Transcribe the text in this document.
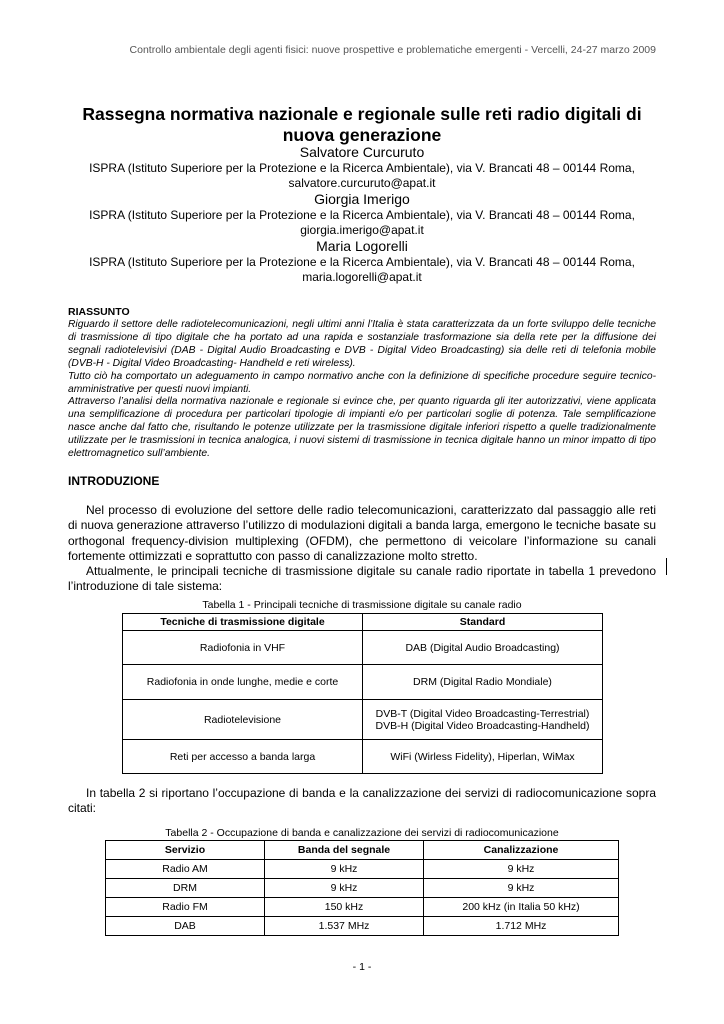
Controllo ambientale degli agenti fisici: nuove prospettive e problematiche emergenti - Vercelli, 24-27 marzo 2009
Rassegna normativa nazionale e regionale sulle reti radio digitali di
nuova generazione
Salvatore Curcuruto
ISPRA (Istituto Superiore per la Protezione e la Ricerca Ambientale), via V. Brancati 48 – 00144 Roma,
salvatore.curcuruto@apat.it
Giorgia Imerigo
ISPRA (Istituto Superiore per la Protezione e la Ricerca Ambientale), via V. Brancati 48 – 00144 Roma,
giorgia.imerigo@apat.it
Maria Logorelli
ISPRA (Istituto Superiore per la Protezione e la Ricerca Ambientale), via V. Brancati 48 – 00144 Roma,
maria.logorelli@apat.it
RIASSUNTO

Riguardo il settore delle radiotelecomunicazioni, negli ultimi anni l’Italia è stata caratterizzata da un forte sviluppo delle tecniche di trasmissione di tipo digitale che ha portato ad una rapida e sostanziale trasformazione sia della rete per la diffusione dei segnali radiotelevisivi (DAB - Digital Audio Broadcasting e DVB - Digital Video Broadcasting) sia delle reti di telefonia mobile (DVB-H - Digital Video Broadcasting- Handheld e reti wireless).

Tutto ciò ha comportato un adeguamento in campo normativo anche con la definizione di specifiche procedure seguire tecnico-amministrative per questi nuovi impianti.

Attraverso l’analisi della normativa nazionale e regionale si evince che, per quanto riguarda gli iter autorizzativi, viene applicata una semplificazione di procedura per particolari tipologie di impianti e/o per particolari soglie di potenza. Tale semplificazione nasce anche dal fatto che, risultando le potenze utilizzate per la trasmissione digitale inferiori rispetto a quelle tradizionalmente utilizzate per le trasmissioni in tecnica analogica, i nuovi sistemi di trasmissione in tecnica digitale hanno un minor impatto di tipo elettromagnetico sull’ambiente.

INTRODUZIONE

Nel processo di evoluzione del settore delle radio telecomunicazioni, caratterizzato dal passaggio alle reti di nuova generazione attraverso l’utilizzo di modulazioni digitali a banda larga, emergono le tecniche basate su orthogonal frequency-division multiplexing (OFDM), che permettono di veicolare l’informazione su canali fortemente ottimizzati e soprattutto con passo di canalizzazione molto stretto.

Attualmente, le principali tecniche di trasmissione digitale su canale radio riportate in tabella 1 prevedono l’introduzione di tale sistema:

Tabella 1 - Principali tecniche di trasmissione digitale su canale radio
Tecniche di trasmissione digitale	Standard
Radiofonia in VHF	DAB (Digital Audio Broadcasting)
Radiofonia in onde lunghe, medie e corte	DRM (Digital Radio Mondiale)
Radiotelevisione	DVB-T (Digital Video Broadcasting-Terrestrial) DVB-H (Digital Video Broadcasting-Handheld)
Reti per accesso a banda larga	WiFi (Wirless Fidelity), Hiperlan, WiMax
In tabella 2 si riportano l’occupazione di banda e la canalizzazione dei servizi di radiocomunicazione sopra citati:
Tabella 2 - Occupazione di banda e canalizzazione dei servizi di radiocomunicazione
Servizio	Banda del segnale	Canalizzazione
Radio AM	9 kHz	9 kHz
DRM	9 kHz	9 kHz
Radio FM	150 kHz	200 kHz (in Italia 50 kHz)
DAB	1.537 MHz	1.712 MHz
- 1 -
